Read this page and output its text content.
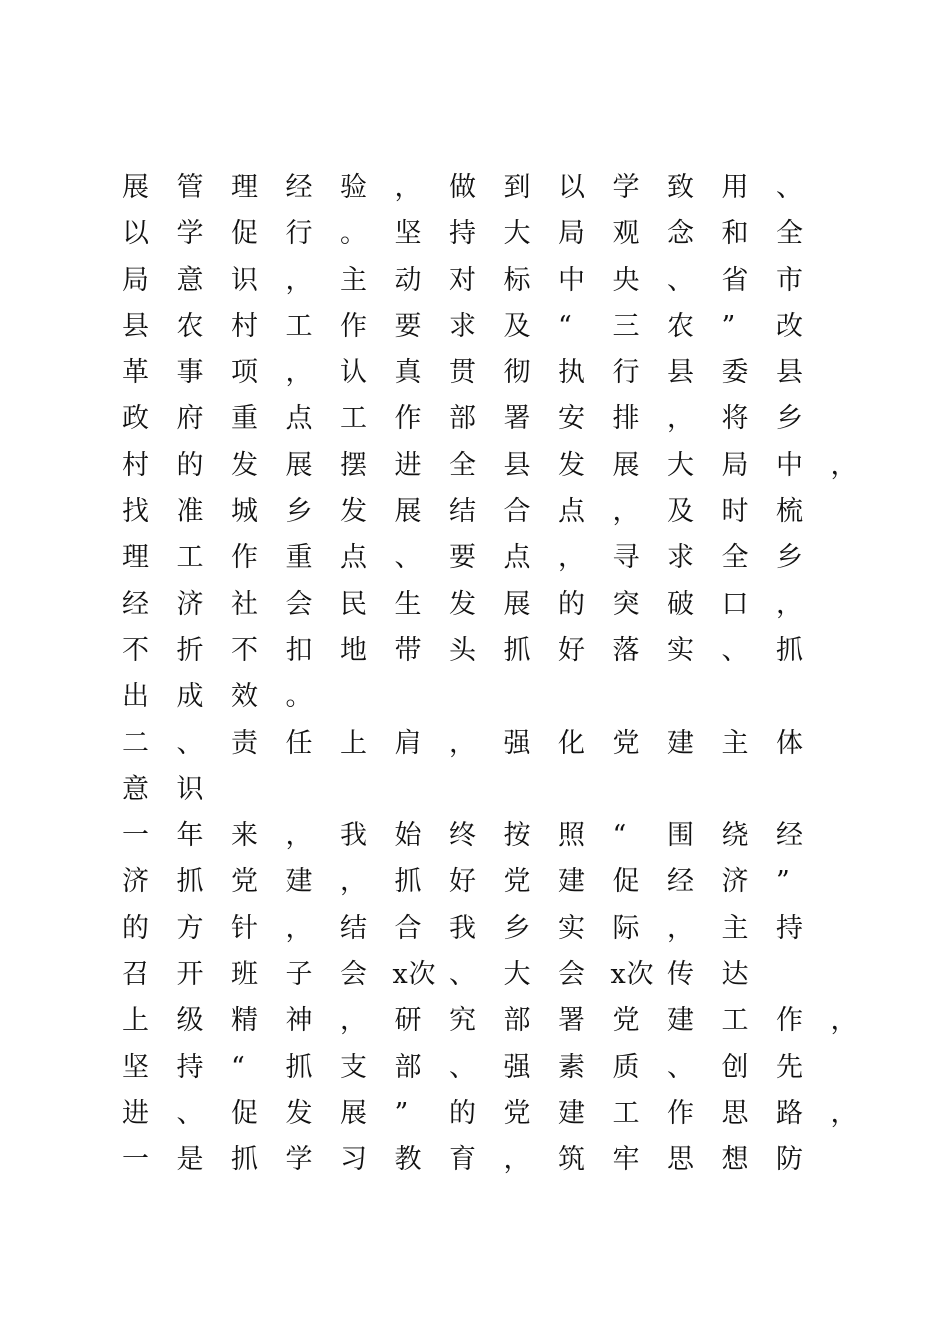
展 管 理 经 验 ， 做 到 以 学 致 用 、
以 学 促 行 。 坚 持 大 局 观 念 和 全
局 意 识 ， 主 动 对 标 中 央 、 省 市
县 农 村 工 作 要 求 及 “	三 农 ”	改
革 事 项 ， 认 真 贯 彻 执 行 县 委 县
政 府 重 点 工 作 部 署 安 排 ， 将 乡
村 的 发 展 摆 进 全 县 发 展 大 局 中 ，
找 准 城 乡 发 展 结 合 点 ， 及 时 梳
理 工 作 重 点 、 要 点 ， 寻 求 全 乡
经 济 社 会 民 生 发 展 的 突 破 口 ，
不 折 不 扣 地 带 头 抓 好 落 实 、 抓
出 成 效 。
二 、 责 任 上 肩 ， 强 化 党 建 主 体
意 识
一 年 来 ， 我 始 终 按 照 “	围 绕 经
济 抓 党 建 ， 抓 好 党 建 促 经 济 ”
的 方 针 ， 结 合 我 乡 实 际 ， 主 持
召 开 班 子 会 x 次 、 大 会 x 次 传 达
上 级 精 神 ， 研 究 部 署 党 建 工 作 ，
坚 持 “	抓 支 部 、 强 素 质 、 创 先
进 、 促 发 展 ”	的 党 建 工 作 思 路 ，
一 是 抓 学 习 教 育 ， 筑 牢 思 想 防
